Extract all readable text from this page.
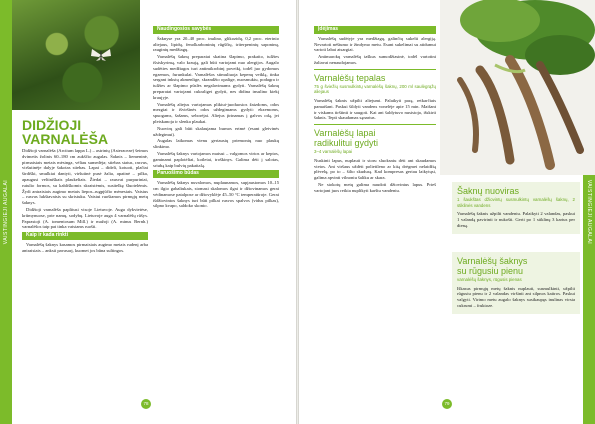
VAISTINGIEJI AUGALAI
DIDŽIOJI
VARNALĖŠA

Didžioji varnalėša (Arctium lappa L.) – astrinių (Asteraceae) šeimos dvimetis žolinis 60–180 cm aukščio augalas. Šaknis – liemeninė, pirmaisiais metais mėsinga, vėliau sumedėja; stiebas status, rasvus, viršutinėje dalyje šakotas stiebas. Lapai – dideli, kotuoti, plačiai širdiški, smulkiai dantyti, viršutinė pusė žalia, apatinė – pilka, apaugusi veltiniškais plaukeliais. Žiedai – rausvai purpuriniai, rutulio formos, su kabliškomis skraistėmis, susitelkę šluotelėmis. Žydi antraisiais augimo metais liepos–rugpjūčio mėnesiais. Vaisius – rusvas lukštavaisis su skristuku. Vaistui ruošiamos pirmųjų metų šaknys.

Didžioji varnalėša paplitusi visoje Lietuvoje. Auga dykvietėse, krūmynuose, prie namų, sodybų. Lietuvoje auga 4 varnalėšų rūšys. Paprastoji (A. tomentosum Mill.) ir mažoji (A. minus Bernh.) varnalėšos taip pat tinka vaistams ruošti.

Kaip ir kada rinkti

Varnalėšų šaknys kasamos pirmaisiais augimo metais rudenį arba antraisiais – anksti pavasarį, kuomet jos būna sultingos.

Naudingosios savybės

Šaknyse yra 20–40 proc. inulino, glikozidų, 0,2 proc. eterinio aliejaus, lipidų, fenolkarboninių rūgščių, triterpeninių saponinų, rauginių medžiagų.

Varnalėšų šaknų preparatai skatina šlapimo, prakaito, tulžies išsiskyrimą, valo kraują, gali būti vartojami nuo alergijos. Augalo sudėties medžiagos turi antimikrobinį poveikį, todėl juo gydomos egzemos, furunkulai. Varnalėšos stimuliuoja kepenų veiklą, tinka sergant inkstų akmenlige, skrandžio opalige, nuosmukiu, podagra ir tulžies ar šlapimo pūslės negalavimams gydyti. Varnalėšų šaknų preparatai vartojami cukraligei gydyti, nes didina insulino kiekį kraujyje.

Varnalėšų aliejus vartojamas plikiui-juoduosios žaizdoms, odos mezgiai ir išviršinės odos uždegimams gydyti: ekzemoms, spuogams, šašams, seborėjai. Aliejus įtrinamas į galvos odą, jei pleiskanoja ir slenka plaukai.

Nuovirų gali būti skalaujama burnos ertmė (esant gleivinės uždegimui).

Augalas laikomas vienu geriausių priemonių nuo plaukų slinkimo.

Varnalėšų šaknys vartojamos maisui – valgomos virtos ar keptos, gaminami paplotėliai, kotletai, troškinys. Galima dėti į salotas, sriubą kaip bulvių pakaitalą.

Paruošimo būdas

Varnalėšų šaknys nuvalomos, nuplaunamos, supjaustomos 10–15 cm ilgio gabaliukais, stomasi skalomos ilgai ir džiovinamos gerai vėdinamose patalpose ar džiovyklėje 45–50 °C temperatūroje. Gerai išdžiovintos šaknys turi būti pilkai rusvos spalvos (vidus pilkas), silpno kvapo, saldoko skonio.

78
VAISTINGIEJI AUGALAI
Įdėjimas

Varnalėšų sudėtyje yra medžiagų, galinčių sukelti alergiją. Nevartoti nėštumo ir žindymo metu. Esant sukelimai su atidumui vartoti labai atsargiai.

Antimarokų varnalėšų taškus sumodžiasinė, todėl vartotini žaliavai nenaudojamos.

Varnalėšų tepalas
75 g šviežių susmulkintų varnalėšų šaknų, 200 ml saulėgrąžų aliejaus

Varnalėšų šaknis užpilti aliejumi. Palaikyti parą, retkarčiais pamaišant. Paskui šildyti vandens vonelėje apie 15 min. Maišant ir viskams tirštinti ir saugoti. Kai ant šaldytuvo nusistoja, išskirti šaknis. Tepti skaudamas sąnarius.

Varnalėšų lapai
radikulitui gydyti
3–4 varnalėšų lapai

Nuskinti lapus, nuplauti ir storu sluoksniu dėti ant skaudamos vietos. Ant viršaus uždėti polietileno ar kitą drėgmei nelaidžią plėvelę, po to – šilto skudurą. Kad kompresas geriau laikytųsi, galima apvinti vilnoniu šaliku ar skara.

Ne stokotų metų galima naudoti džiovintus lapus. Prieš vartojant juos reikia nuplikyti karštu vandeniu.	Šaknų nuoviras
1 šaukštas džiovintų susmulkintų varnalėšų šaknų, 2 stiklinės vandens

Varnalėšų šaknis užpilti vandeniu. Palaikyti 2 valandas, paskui 1 valandą pavirinti ir nukošti. Gerti po 1 stiklinę 3 kartus per dieną.

Varnalėšų šaknys
su rūgusiu pienu
varnalėšų šaknys, rūgusis pienas

Iškasus pirmųjų metų šaknis nuplauti, susmulkinti, užpilti rūgusiu pienu ir 2 valandas viršinti ant silpnos kaitros. Paskui valgyti. Virimo metu augalo šaknys susikaupęs inulinas virsta cukrumi – fruktoze.

79
